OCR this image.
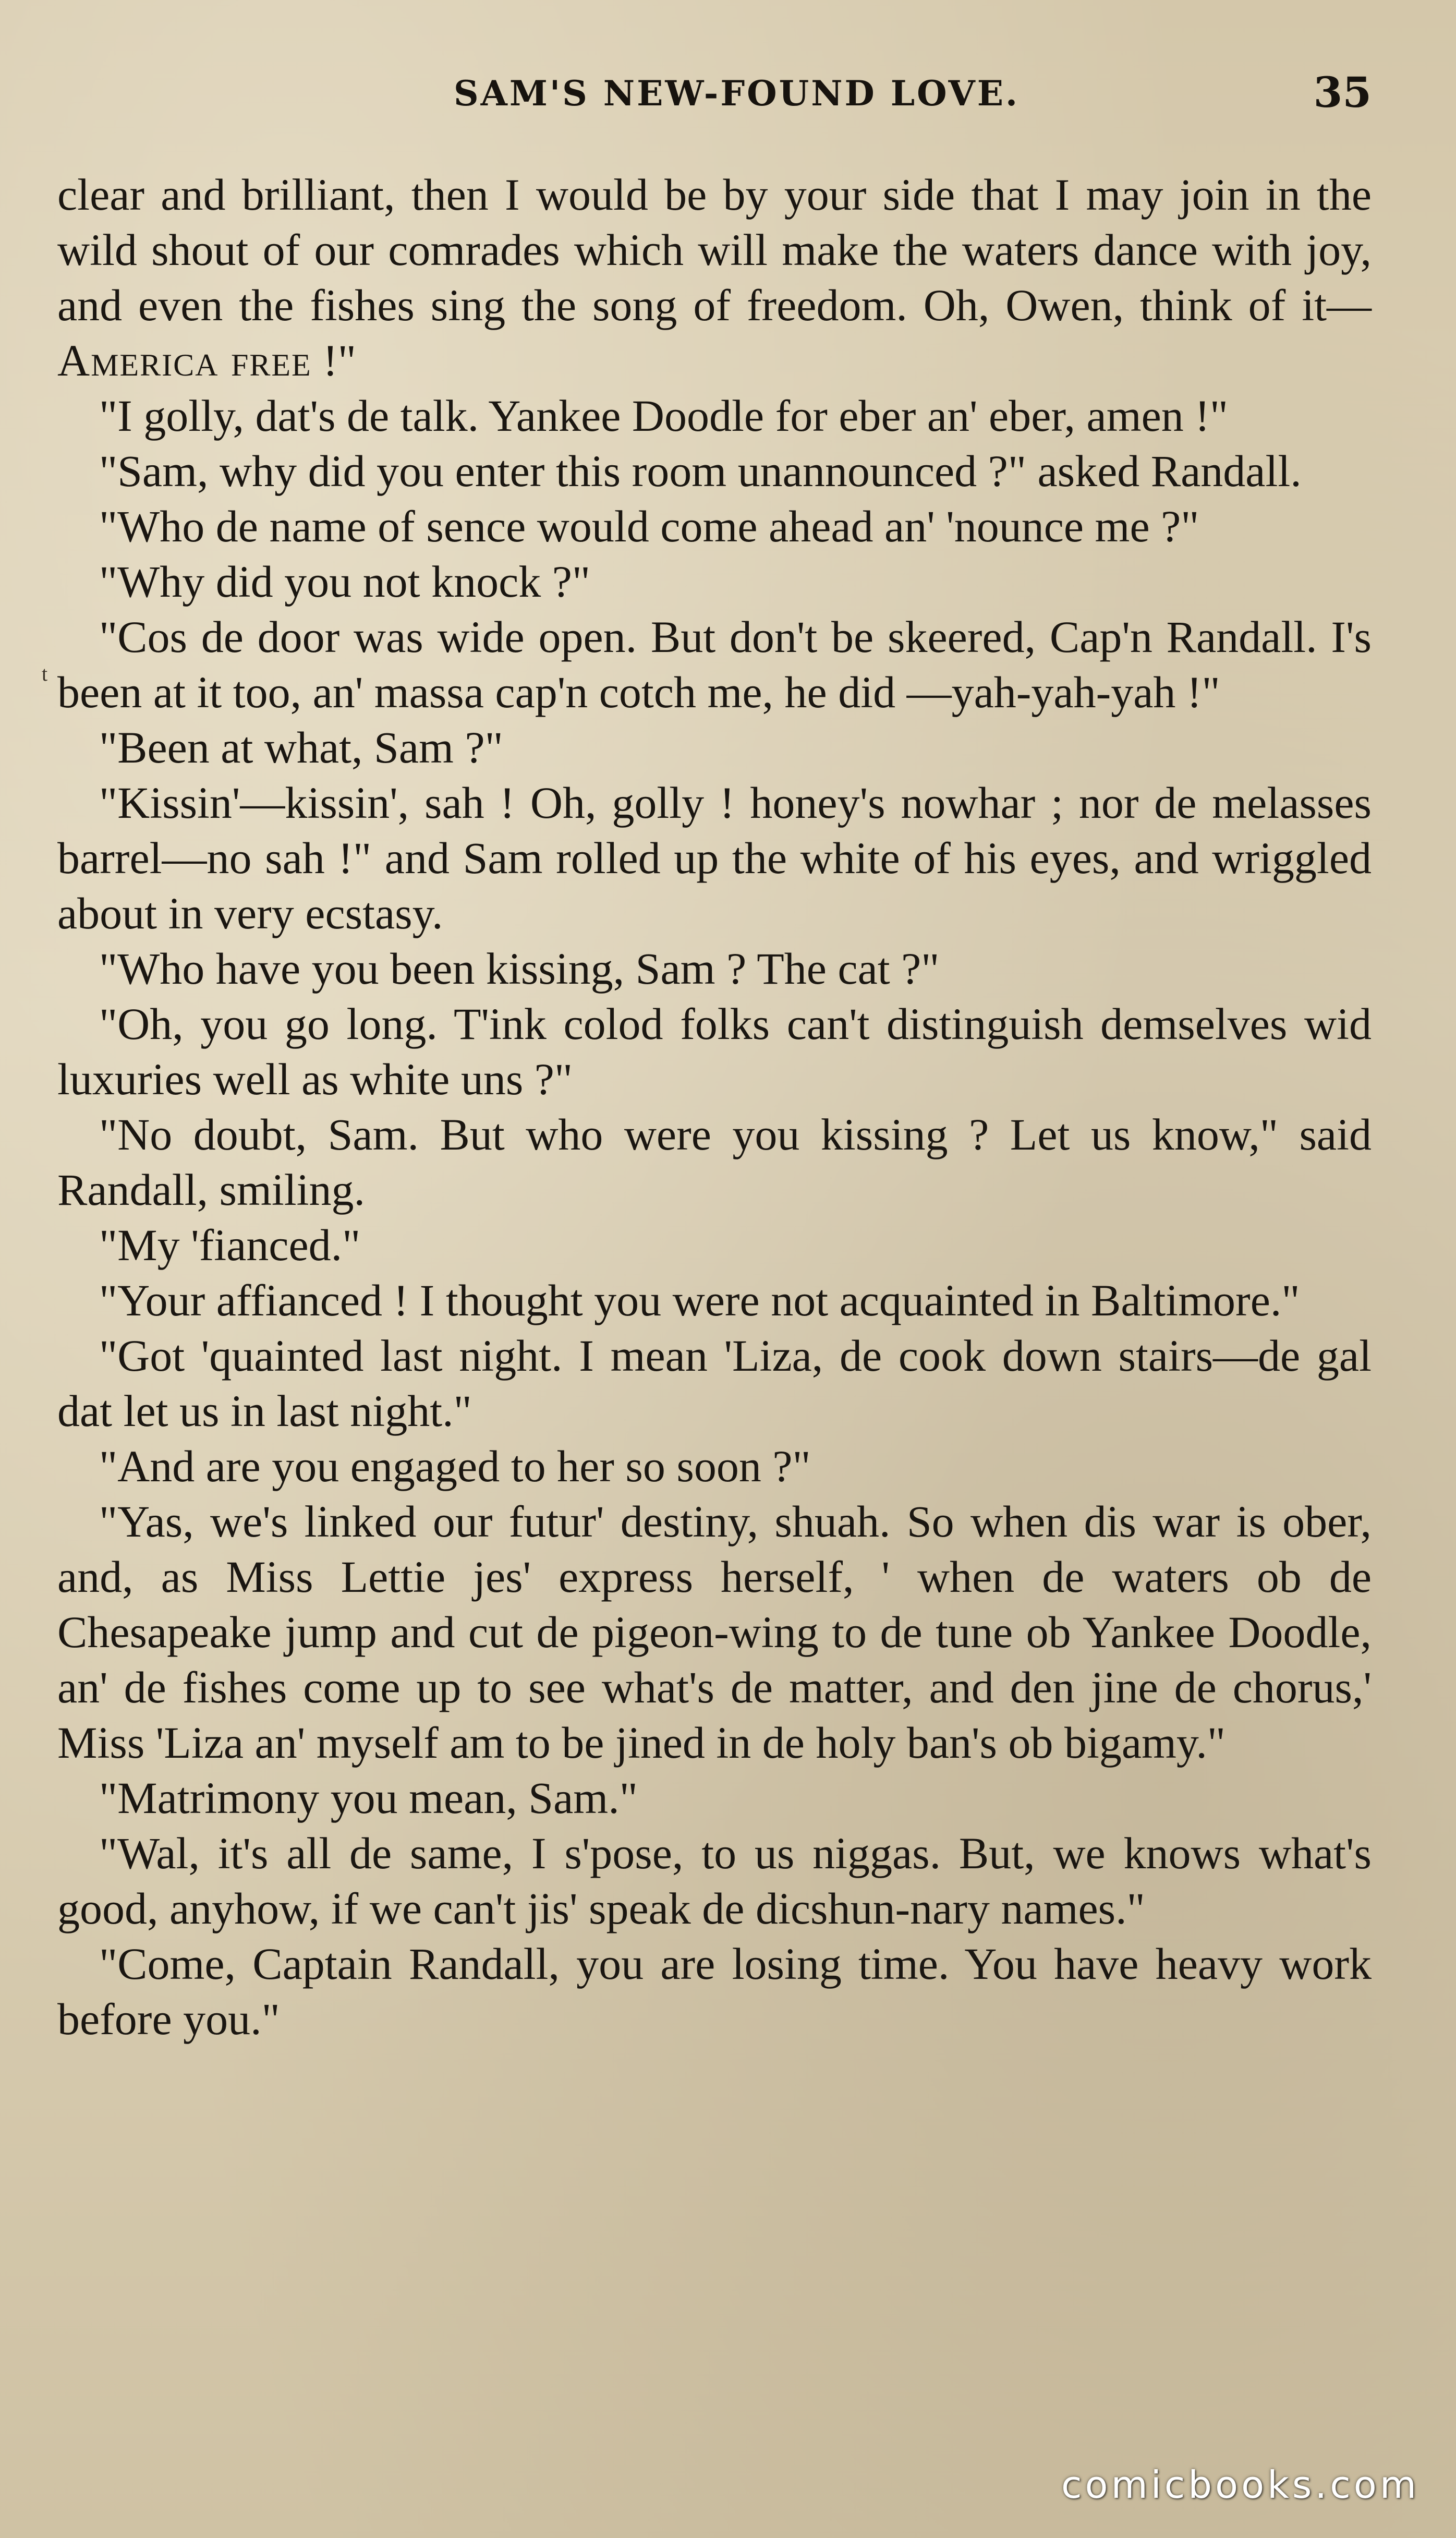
SAM'S NEW-FOUND LOVE.	35
t

clear and brilliant, then I would be by your side that I may join in the wild shout of our comrades which will make the waters dance with joy, and even the fishes sing the song of freedom. Oh, Owen, think of it—America free !"

"I golly, dat's de talk. Yankee Doodle for eber an' eber, amen !"

"Sam, why did you enter this room unannounced ?" asked Randall.

"Who de name of sence would come ahead an' 'nounce me ?"

"Why did you not knock ?"

"Cos de door was wide open. But don't be skeered, Cap'n Randall. I's been at it too, an' massa cap'n cotch me, he did —yah-yah-yah !"

"Been at what, Sam ?"

"Kissin'—kissin', sah ! Oh, golly ! honey's nowhar ; nor de melasses barrel—no sah !" and Sam rolled up the white of his eyes, and wriggled about in very ecstasy.

"Who have you been kissing, Sam ? The cat ?"

"Oh, you go long. T'ink colod folks can't distinguish demselves wid luxuries well as white uns ?"

"No doubt, Sam. But who were you kissing ? Let us know," said Randall, smiling.

"My 'fianced."

"Your affianced ! I thought you were not acquainted in Baltimore."

"Got 'quainted last night. I mean 'Liza, de cook down stairs—de gal dat let us in last night."

"And are you engaged to her so soon ?"

"Yas, we's linked our futur' destiny, shuah. So when dis war is ober, and, as Miss Lettie jes' express herself, ' when de waters ob de Chesapeake jump and cut de pigeon-wing to de tune ob Yankee Doodle, an' de fishes come up to see what's de matter, and den jine de chorus,' Miss 'Liza an' myself am to be jined in de holy ban's ob bigamy."

"Matrimony you mean, Sam."

"Wal, it's all de same, I s'pose, to us niggas. But, we knows what's good, anyhow, if we can't jis' speak de dicshun-nary names."

"Come, Captain Randall, you are losing time. You have heavy work before you."

comicbooks.com
